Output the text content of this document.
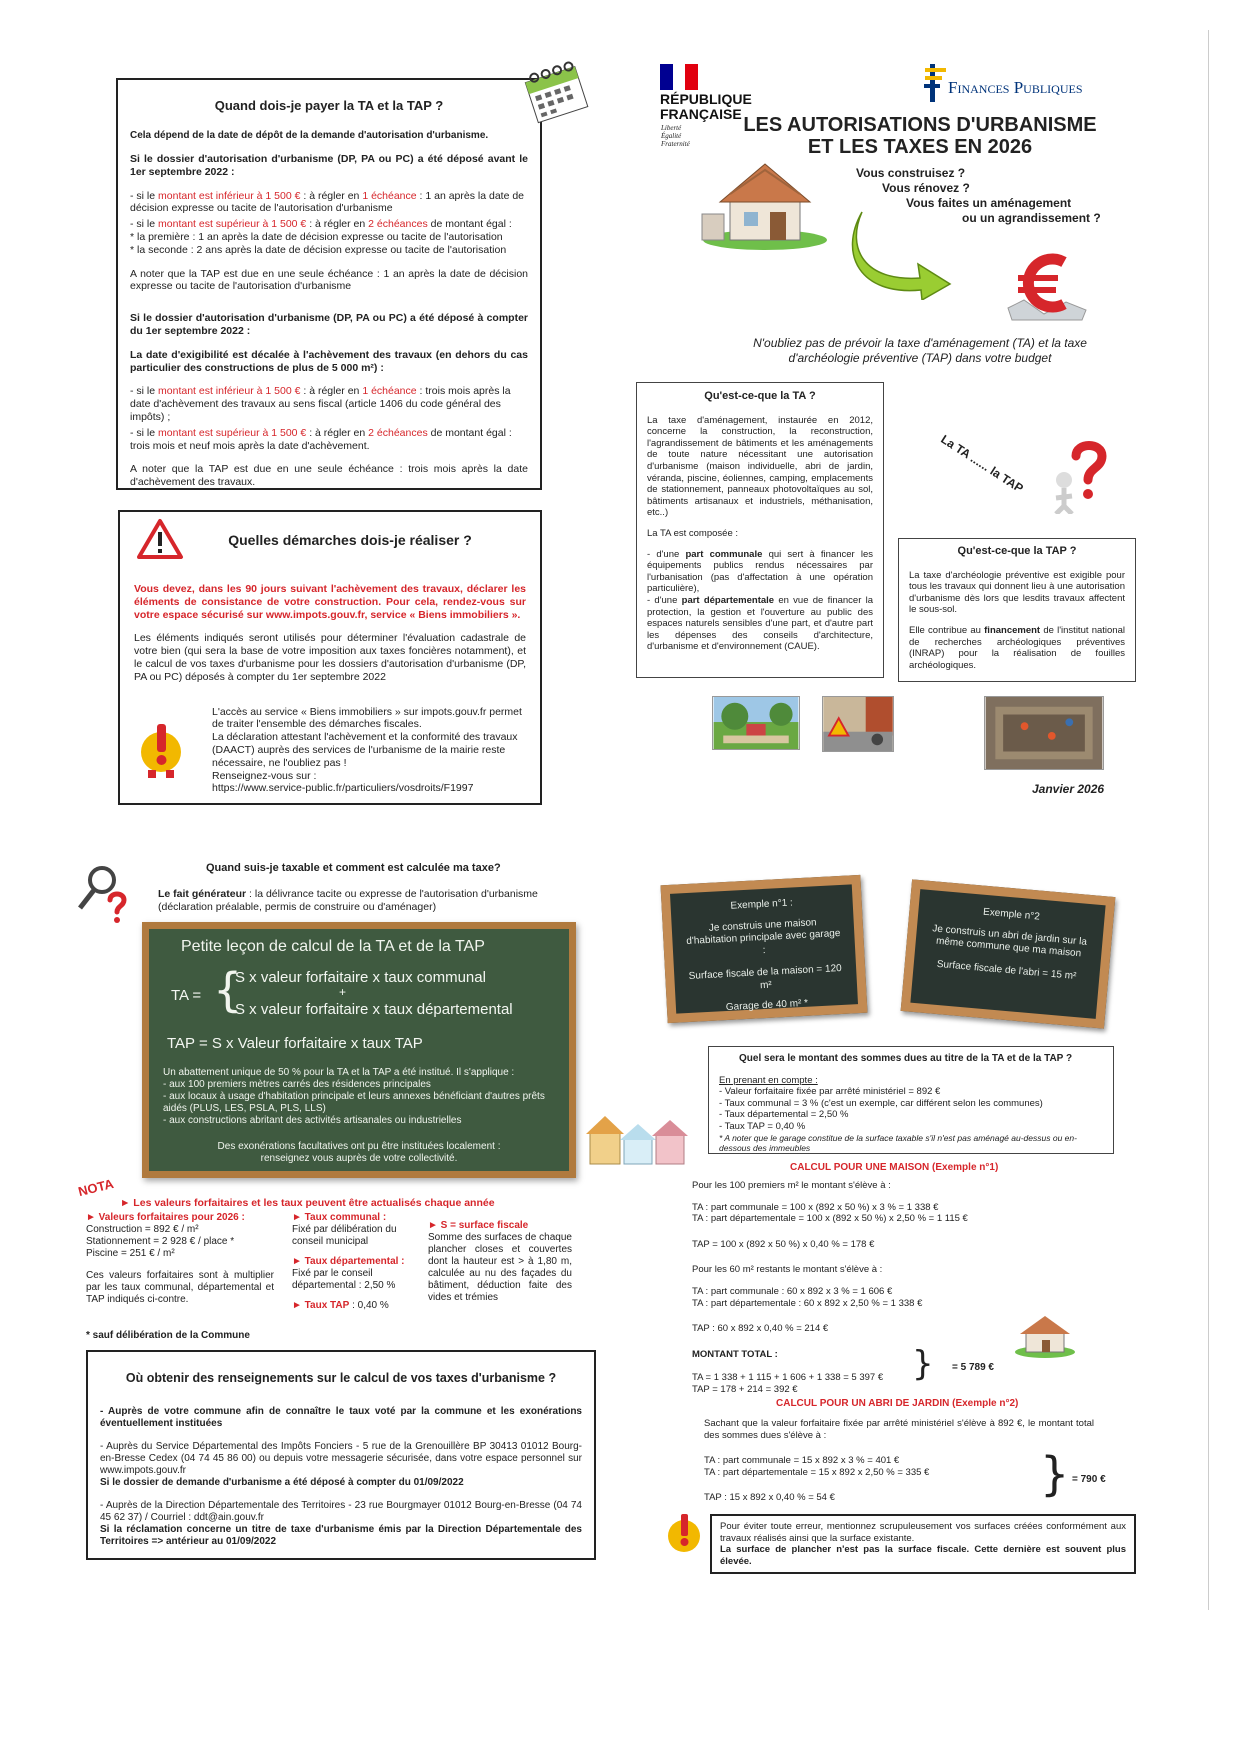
Quand dois-je payer la TA et la TAP ?

Cela dépend de la date de dépôt de la demande d'autorisation d'urbanisme.

Si le dossier d'autorisation d'urbanisme (DP, PA ou PC) a été déposé avant le 1er septembre 2022 :

- si le montant est inférieur à 1 500 € : à régler en 1 échéance : 1 an après la date de décision expresse ou tacite de l'autorisation d'urbanisme

- si le montant est supérieur à 1 500 € : à régler en 2 échéances de montant égal :

* la première : 1 an après la date de décision expresse ou tacite de l'autorisation

* la seconde : 2 ans après la date de décision expresse ou tacite de l'autorisation

A noter que la TAP est due en une seule échéance : 1 an après la date de décision expresse ou tacite de l'autorisation d'urbanisme

Si le dossier d'autorisation d'urbanisme (DP, PA ou PC) a été déposé à compter du 1er septembre 2022 :

La date d'exigibilité est décalée à l'achèvement des travaux (en dehors du cas particulier des constructions de plus de 5 000 m²) :

- si le montant est inférieur à 1 500 € : à régler en 1 échéance : trois mois après la date d'achèvement des travaux au sens fiscal (article 1406 du code général des impôts) ;

- si le montant est supérieur à 1 500 € : à régler en 2 échéances de montant égal : trois mois et neuf mois après la date d'achèvement.

A noter que la TAP est due en une seule échéance : trois mois après la date d'achèvement des travaux.

Quelles démarches dois-je réaliser ?

Vous devez, dans les 90 jours suivant l'achèvement des travaux, déclarer les éléments de consistance de votre construction. Pour cela, rendez-vous sur votre espace sécurisé sur www.impots.gouv.fr, service « Biens immobiliers ».

Les éléments indiqués seront utilisés pour déterminer l'évaluation cadastrale de votre bien (qui sera la base de votre imposition aux taxes foncières notamment), et le calcul de vos taxes d'urbanisme pour les dossiers d'autorisation d'urbanisme (DP, PA ou PC) déposés à compter du 1er septembre 2022

L'accès au service « Biens immobiliers » sur impots.gouv.fr permet de traiter l'ensemble des démarches fiscales.

La déclaration attestant l'achèvement et la conformité des travaux (DAACT) auprès des services de l'urbanisme de la mairie reste nécessaire, ne l'oubliez pas !

Renseignez-vous sur :

https://www.service-public.fr/particuliers/vosdroits/F1997

RÉPUBLIQUE
FRANÇAISE
Liberté
Égalité
Fraternité
Finances Publiques
LES AUTORISATIONS D'URBANISME
ET LES TAXES EN 2026
Vous construisez ?
Vous rénovez ?
Vous faites un aménagement
ou un agrandissement ?

N'oubliez pas de prévoir la taxe d'aménagement (TA) et la taxe d'archéologie préventive (TAP) dans votre budget

Qu'est-ce-que la TA ?

La taxe d'aménagement, instaurée en 2012, concerne la construction, la reconstruction, l'agrandissement de bâtiments et les aménagements de toute nature nécessitant une autorisation d'urbanisme (maison individuelle, abri de jardin, véranda, piscine, éoliennes, camping, emplacements de stationnement, panneaux photovoltaïques au sol, bâtiments artisanaux et industriels, méthanisation, etc..)

La TA est composée :

- d'une part communale qui sert à financer les équipements publics rendus nécessaires par l'urbanisation (pas d'affectation à une opération particulière),

- d'une part départementale en vue de financer la protection, la gestion et l'ouverture au public des espaces naturels sensibles d'une part, et d'autre part les dépenses des conseils d'architecture, d'urbanisme et d'environnement (CAUE).

La TA ...... la TAP
Qu'est-ce-que la TAP ?

La taxe d'archéologie préventive est exigible pour tous les travaux qui donnent lieu à une autorisation d'urbanisme dès lors que lesdits travaux affectent le sous-sol.

Elle contribue au financement de l'institut national de recherches archéologiques préventives (INRAP) pour la réalisation de fouilles archéologiques.

Janvier 2026
Quand suis-je taxable et comment est calculée ma taxe?

Le fait générateur : la délivrance tacite ou expresse de l'autorisation d'urbanisme (déclaration préalable, permis de construire ou d'aménager)

Petite leçon de calcul de la TA et de la TAP
TA = {
S x valeur forfaitaire x taux communal
+
S x valeur forfaitaire x taux départemental
TAP = S x Valeur forfaitaire x taux TAP
Un abattement unique de 50 % pour la TA et la TAP a été institué. Il s'applique :
- aux 100 premiers mètres carrés des résidences principales
- aux locaux à usage d'habitation principale et leurs annexes bénéficiant d'autres prêts aidés (PLUS, LES, PSLA, PLS, LLS)
- aux constructions abritant des activités artisanales ou industrielles
Des exonérations facultatives ont pu être instituées localement : renseignez vous auprès de votre collectivité.
NOTA
► Les valeurs forfaitaires et les taux peuvent être actualisés chaque année
► Valeurs forfaitaires pour 2026 :
Construction = 892 € / m²
Stationnement = 2 928 € / place *
Piscine = 251 € / m²
Ces valeurs forfaitaires sont à multiplier par les taux communal, départemental et TAP indiqués ci-contre.
► Taux communal :
Fixé par délibération du conseil municipal
► Taux départemental :
Fixé par le conseil départemental : 2,50 %
► Taux TAP : 0,40 %
► S = surface fiscale
Somme des surfaces de chaque plancher closes et couvertes dont la hauteur est > à 1,80 m, calculée au nu des façades du bâtiment, déduction faite des vides et trémies
* sauf délibération de la Commune
Où obtenir des renseignements sur le calcul de vos taxes d'urbanisme ?

- Auprès de votre commune afin de connaître le taux voté par la commune et les exonérations éventuellement instituées

- Auprès du Service Départemental des Impôts Fonciers - 5 rue de la Grenouillère BP 30413 01012 Bourg-en-Bresse Cedex (04 74 45 86 00) ou depuis votre messagerie sécurisée, dans votre espace personnel sur www.impots.gouv.fr

Si le dossier de demande d'urbanisme a été déposé à compter du 01/09/2022

- Auprès de la Direction Départementale des Territoires - 23 rue Bourgmayer 01012 Bourg-en-Bresse (04 74 45 62 37) / Courriel : ddt@ain.gouv.fr

Si la réclamation concerne un titre de taxe d'urbanisme émis par la Direction Départementale des Territoires => antérieur au 01/09/2022

Exemple n°1 :
Je construis une maison d'habitation principale avec garage :
Surface fiscale de la maison = 120 m²
Garage de 40 m² *
Exemple n°2
Je construis un abri de jardin sur la même commune que ma maison
Surface fiscale de l'abri = 15 m²
Quel sera le montant des sommes dues au titre de la TA et de la TAP ?
En prenant en compte :
- Valeur forfaitaire fixée par arrêté ministériel = 892 €
- Taux communal = 3 % (c'est un exemple, car différent selon les communes)
- Taux départemental = 2,50 %
- Taux TAP = 0,40 %
* A noter que le garage constitue de la surface taxable s'il n'est pas aménagé au-dessus ou en-dessous des immeubles
CALCUL POUR UNE MAISON (Exemple n°1)
Pour les 100 premiers m² le montant s'élève à :
TA : part communale = 100 x (892 x 50 %) x 3 % = 1 338 €
TA : part départementale = 100 x (892 x 50 %) x 2,50 % = 1 115 €
TAP = 100 x (892 x 50 %) x 0,40 % = 178 €
Pour les 60 m² restants le montant s'élève à :
TA : part communale : 60 x 892 x 3 % = 1 606 €
TA : part départementale : 60 x 892 x 2,50 % = 1 338 €
TAP : 60 x 892 x 0,40 % = 214 €
MONTANT TOTAL :
TA = 1 338 + 1 115 + 1 606 + 1 338 = 5 397 €
TAP = 178 + 214 = 392 €
} = 5 789 €
CALCUL POUR UN ABRI DE JARDIN (Exemple n°2)
Sachant que la valeur forfaitaire fixée par arrêté ministériel s'élève à 892 €, le montant total des sommes dues s'élève à :
TA : part communale = 15 x 892 x 3 % = 401 €
TA : part départementale = 15 x 892 x 2,50 % = 335 €
TAP : 15 x 892 x 0,40 % = 54 €	} = 790 €
Pour éviter toute erreur, mentionnez scrupuleusement vos surfaces créées conformément aux travaux réalisés ainsi que la surface existante.
La surface de plancher n'est pas la surface fiscale. Cette dernière est souvent plus élevée.
